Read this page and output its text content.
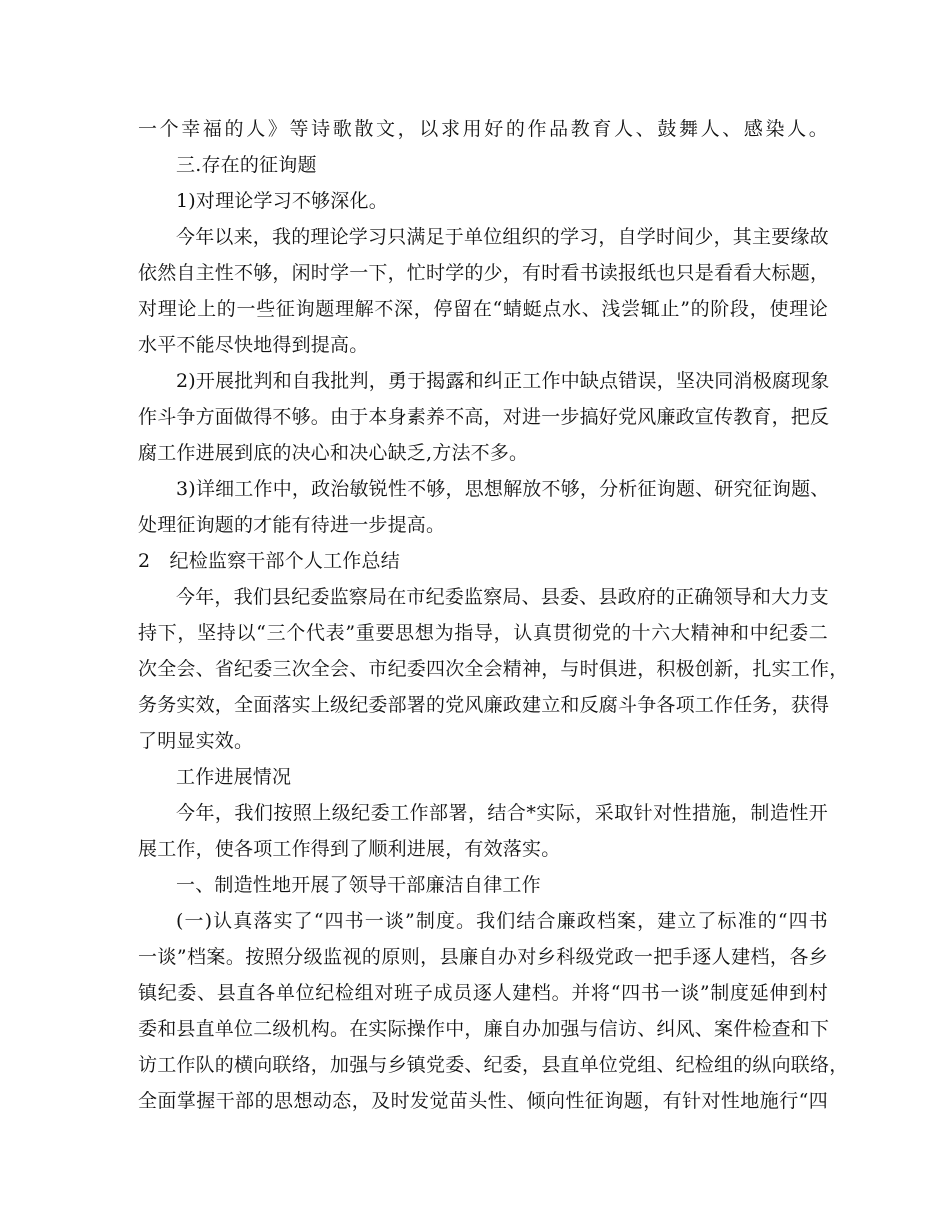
一个幸福的人》等诗歌散文，以求用好的作品教育人、鼓舞人、感染人。
三.存在的征询题
1)对理论学习不够深化。
今年以来，我的理论学习只满足于单位组织的学习，自学时间少，其主要缘故
依然自主性不够，闲时学一下，忙时学的少，有时看书读报纸也只是看看大标题，
对理论上的一些征询题理解不深，停留在“蜻蜓点水、浅尝辄止”的阶段，使理论
水平不能尽快地得到提高。
2)开展批判和自我批判，勇于揭露和纠正工作中缺点错误，坚决同消极腐现象
作斗争方面做得不够。由于本身素养不高，对进一步搞好党风廉政宣传教育，把反
腐工作进展到底的决心和决心缺乏,方法不多。
3)详细工作中，政治敏锐性不够，思想解放不够，分析征询题、研究征询题、
处理征询题的才能有待进一步提高。
2　纪检监察干部个人工作总结
今年，我们县纪委监察局在市纪委监察局、县委、县政府的正确领导和大力支
持下，坚持以“三个代表”重要思想为指导，认真贯彻党的十六大精神和中纪委二
次全会、省纪委三次全会、市纪委四次全会精神，与时俱进，积极创新，扎实工作，
务务实效，全面落实上级纪委部署的党风廉政建立和反腐斗争各项工作任务，获得
了明显实效。
工作进展情况
今年，我们按照上级纪委工作部署，结合*实际，采取针对性措施，制造性开
展工作，使各项工作得到了顺利进展，有效落实。
一、制造性地开展了领导干部廉洁自律工作
(一)认真落实了“四书一谈”制度。我们结合廉政档案，建立了标准的“四书
一谈”档案。按照分级监视的原则，县廉自办对乡科级党政一把手逐人建档，各乡
镇纪委、县直各单位纪检组对班子成员逐人建档。并将“四书一谈”制度延伸到村
委和县直单位二级机构。在实际操作中，廉自办加强与信访、纠风、案件检查和下
访工作队的横向联络，加强与乡镇党委、纪委，县直单位党组、纪检组的纵向联络，
全面掌握干部的思想动态，及时发觉苗头性、倾向性征询题，有针对性地施行“四
